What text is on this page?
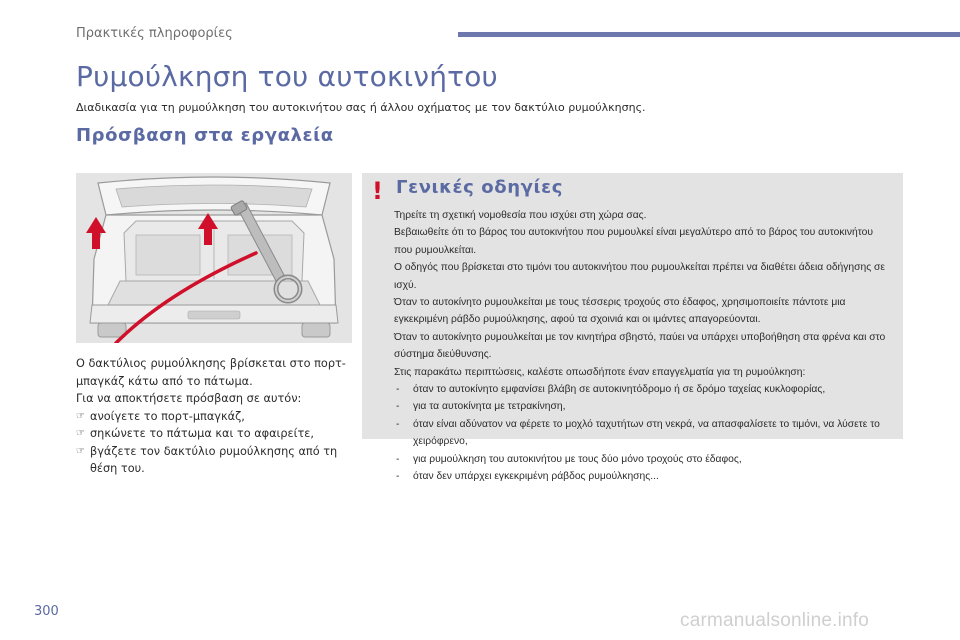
Πρακτικές πληροφορίες
Ρυμούλκηση του αυτοκινήτου
Διαδικασία για τη ρυμούλκηση του αυτοκινήτου σας ή άλλου οχήματος με τον δακτύλιο ρυμούλκησης.
Πρόσβαση στα εργαλεία

Ο δακτύλιος ρυμούλκησης βρίσκεται στο πορτ-μπαγκάζ κάτω από το πάτωμα.

Για να αποκτήσετε πρόσβαση σε αυτόν:

☞ ανοίγετε το πορτ-μπαγκάζ,
☞ σηκώνετε το πάτωμα και το αφαιρείτε,
☞ βγάζετε τον δακτύλιο ρυμούλκησης από τη θέση του.
! Γενικές οδηγίες

Τηρείτε τη σχετική νομοθεσία που ισχύει στη χώρα σας.

Βεβαιωθείτε ότι το βάρος του αυτοκινήτου που ρυμουλκεί είναι μεγαλύτερο από το βάρος του αυτοκινήτου που ρυμουλκείται.

Ο οδηγός που βρίσκεται στο τιμόνι του αυτοκινήτου που ρυμουλκείται πρέπει να διαθέτει άδεια οδήγησης σε ισχύ.

Όταν το αυτοκίνητο ρυμουλκείται με τους τέσσερις τροχούς στο έδαφος, χρησιμοποιείτε πάντοτε μια εγκεκριμένη ράβδο ρυμούλκησης, αφού τα σχοινιά και οι ιμάντες απαγορεύονται.

Όταν το αυτοκίνητο ρυμουλκείται με τον κινητήρα σβηστό, παύει να υπάρχει υποβοήθηση στα φρένα και στο σύστημα διεύθυνσης.

Στις παρακάτω περιπτώσεις, καλέστε οπωσδήποτε έναν επαγγελματία για τη ρυμούλκηση:

- όταν το αυτοκίνητο εμφανίσει βλάβη σε αυτοκινητόδρομο ή σε δρόμο ταχείας κυκλοφορίας,
- για τα αυτοκίνητα με τετρακίνηση,
- όταν είναι αδύνατον να φέρετε το μοχλό ταχυτήτων στη νεκρά, να απασφαλίσετε το τιμόνι, να λύσετε το χειρόφρενο,
- για ρυμούλκηση του αυτοκινήτου με τους δύο μόνο τροχούς στο έδαφος,
- όταν δεν υπάρχει εγκεκριμένη ράβδος ρυμούλκησης...
300	carmanualsonline.info
